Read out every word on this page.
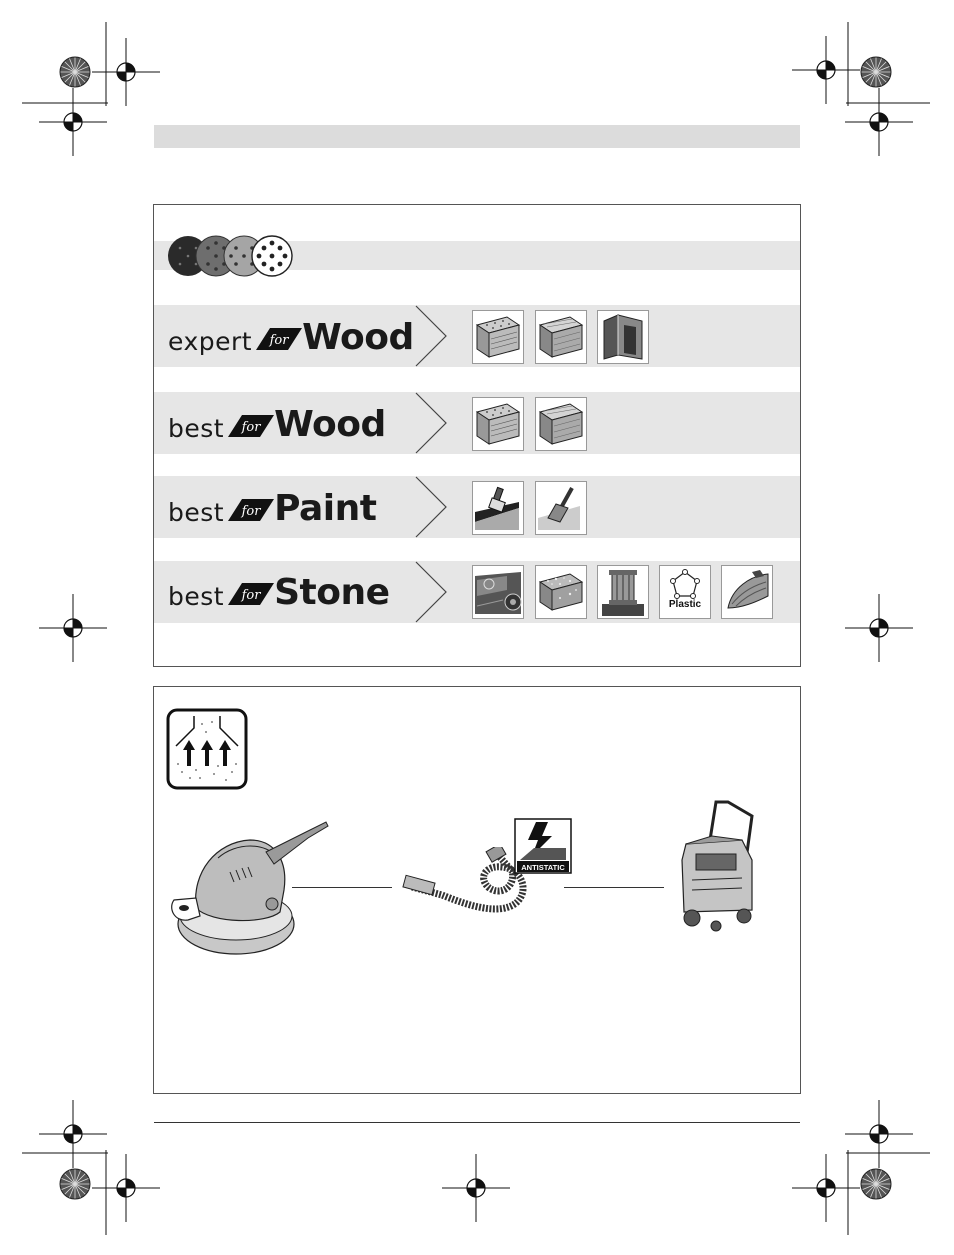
expert for Wood
best for Wood
best for Paint
best for Stone	Plastic
ANTISTATIC
